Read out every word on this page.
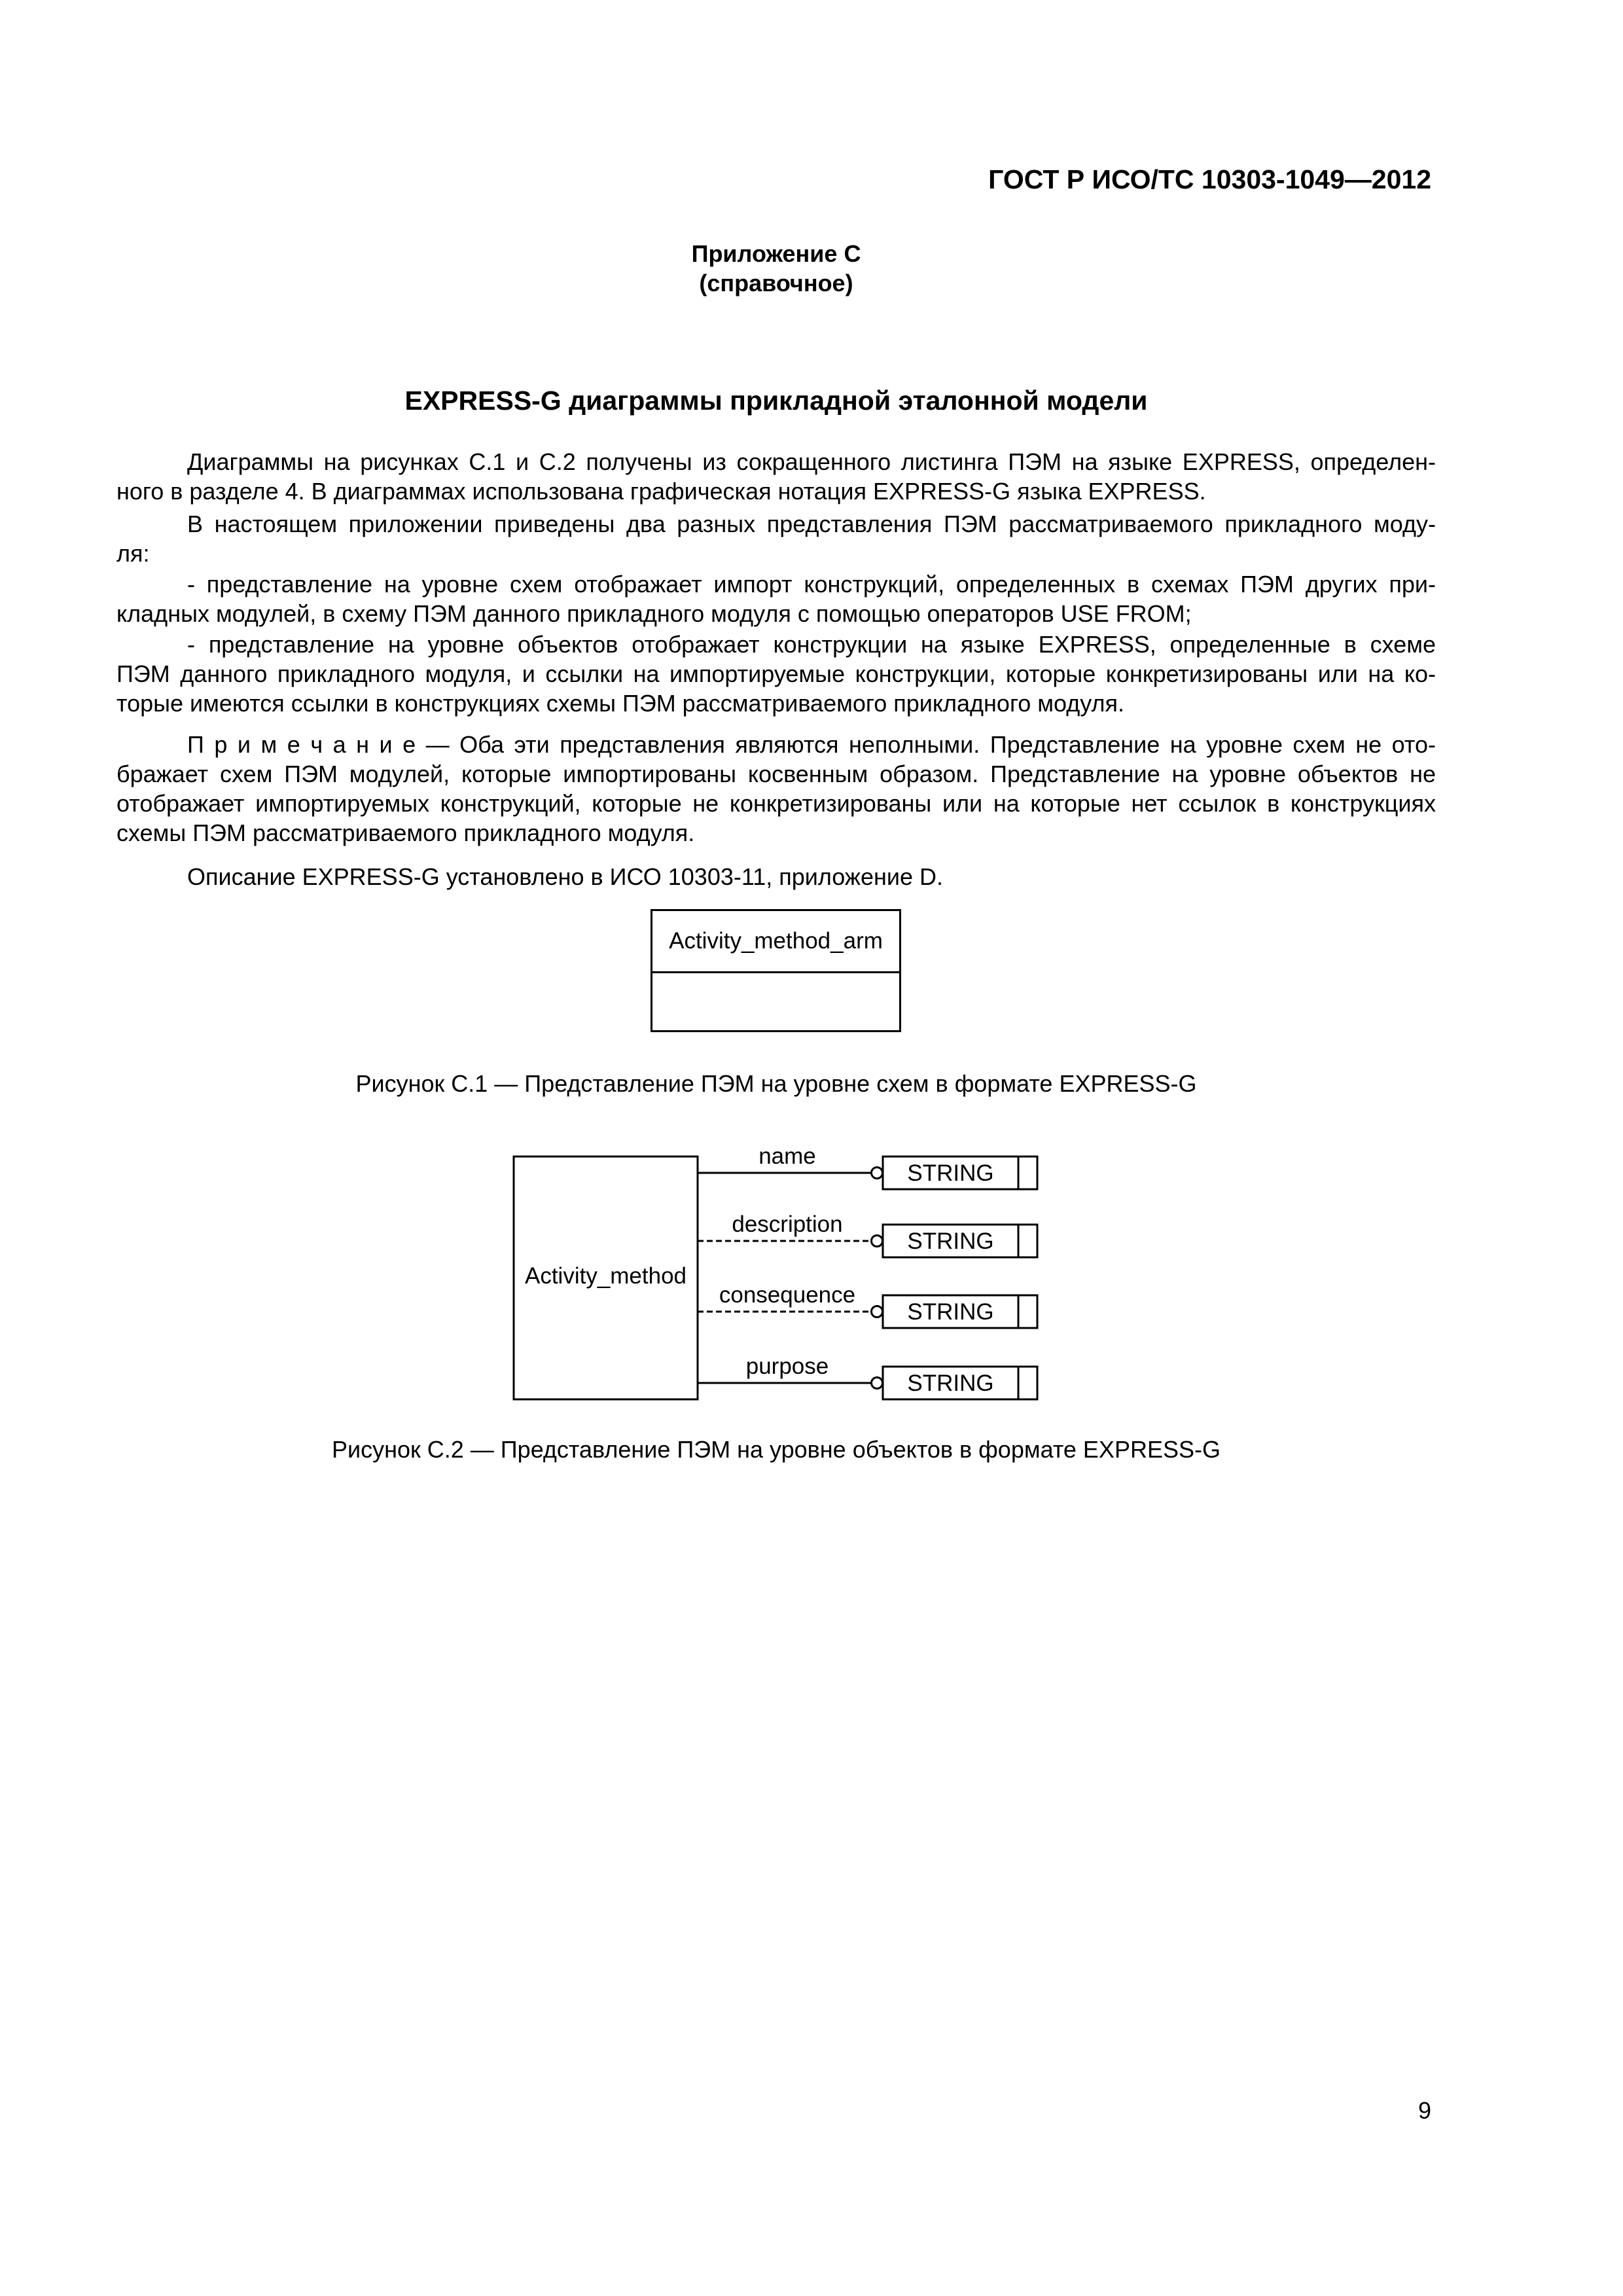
ГОСТ Р ИСО/ТС 10303-1049—2012
Приложение С
(справочное)
EXPRESS-G диаграммы прикладной эталонной модели
Диаграммы на рисунках С.1 и С.2 получены из сокращенного листинга ПЭМ на языке EXPRESS, определен-
ного в разделе 4. В диаграммах использована графическая нотация EXPRESS-G языка EXPRESS.
В настоящем приложении приведены два разных представления ПЭМ рассматриваемого прикладного моду-
ля:
- представление на уровне схем отображает импорт конструкций, определенных в схемах ПЭМ других при-
кладных модулей, в схему ПЭМ данного прикладного модуля с помощью операторов USE FROM;
- представление на уровне объектов отображает конструкции на языке EXPRESS, определенные в схеме
ПЭМ данного прикладного модуля, и ссылки на импортируемые конструкции, которые конкретизированы или на ко-
торые имеются ссылки в конструкциях схемы ПЭМ рассматриваемого прикладного модуля.
П р и м е ч а н и е — Оба эти представления являются неполными. Представление на уровне схем не ото-
бражает схем ПЭМ модулей, которые импортированы косвенным образом. Представление на уровне объектов не
отображает импортируемых конструкций, которые не конкретизированы или на которые нет ссылок в конструкциях
схемы ПЭМ рассматриваемого прикладного модуля.
Описание EXPRESS-G установлено в ИСО 10303-11, приложение D.
Activity_method_arm
Рисунок С.1 — Представление ПЭМ на уровне схем в формате EXPRESS-G
Activity_method
STRING
name
STRING
description
STRING
consequence
STRING
purpose
Рисунок С.2 — Представление ПЭМ на уровне объектов в формате EXPRESS-G
9
